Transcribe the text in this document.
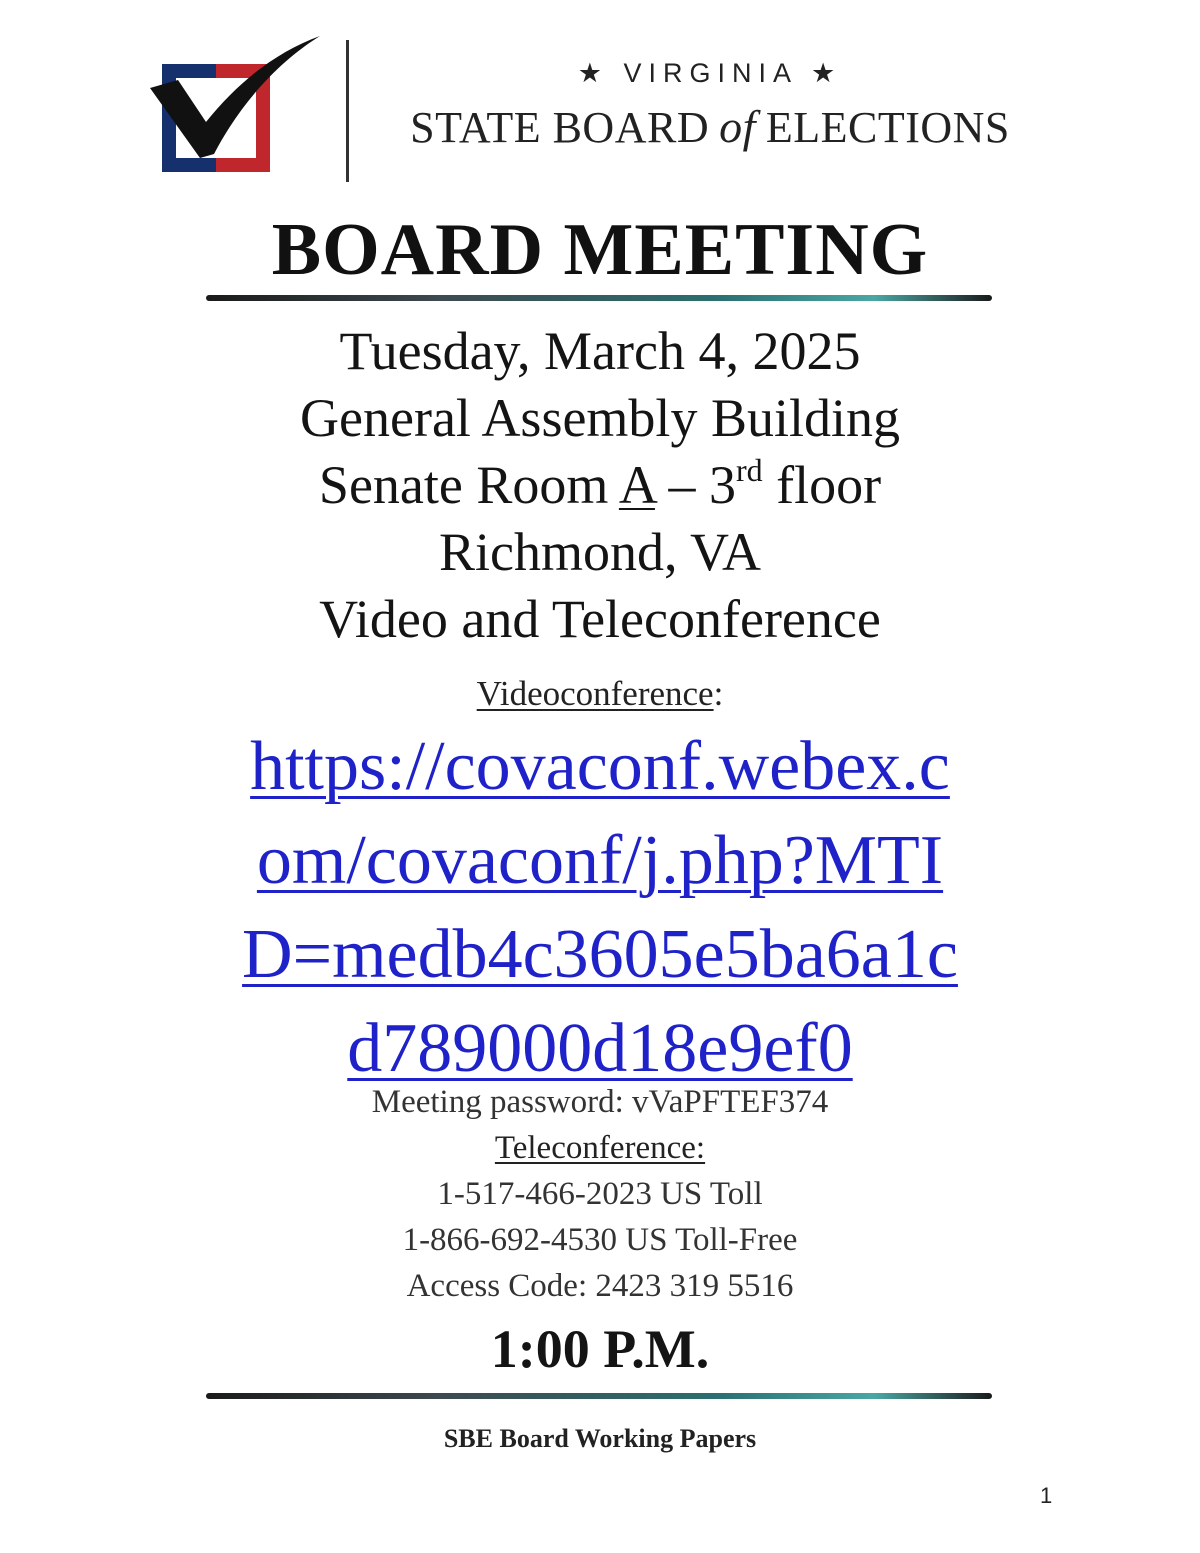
★ VIRGINIA ★
STATE BOARD of ELECTIONS
BOARD MEETING
Tuesday, March 4, 2025
General Assembly Building
Senate Room A – 3rd floor
Richmond, VA
Video and Teleconference
Videoconference:
https://covaconf.webex.c
om/covaconf/j.php?MTI
D=medb4c3605e5ba6a1c
d789000d18e9ef0
Meeting password: vVaPFTEF374
Teleconference:
1-517-466-2023 US Toll
1-866-692-4530 US Toll-Free
Access Code: 2423 319 5516
1:00 P.M.
SBE Board Working Papers
1
